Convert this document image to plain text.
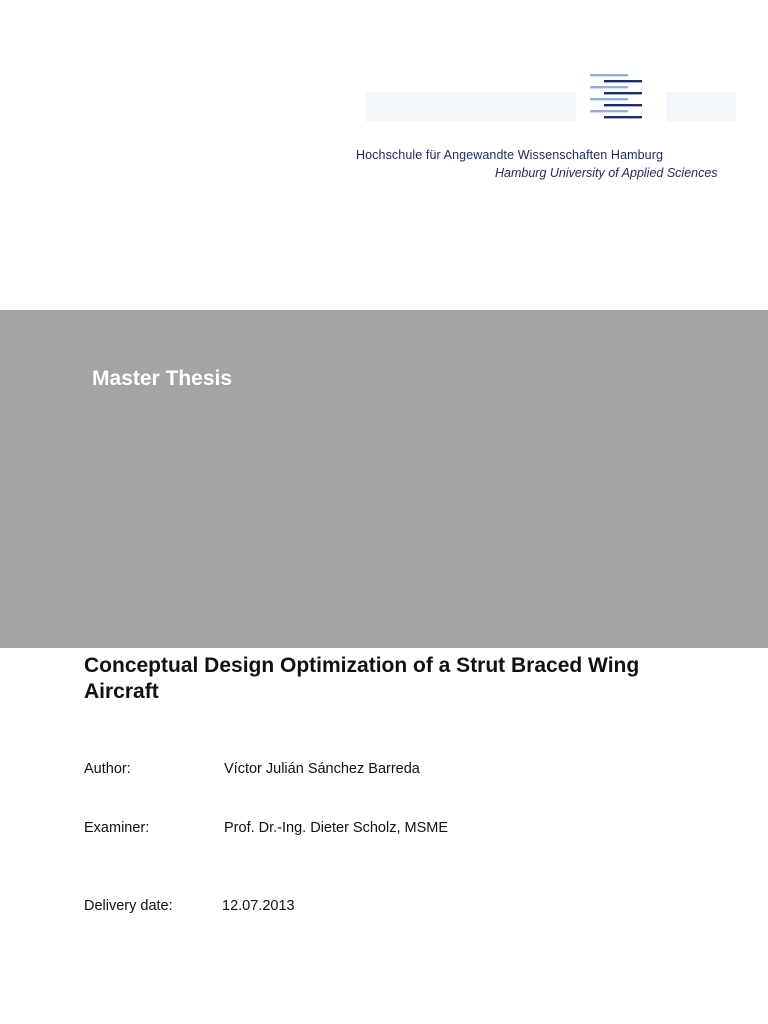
Hochschule für Angewandte Wissenschaften Hamburg
Hamburg University of Applied Sciences
Master Thesis
Conceptual Design Optimization of a Strut Braced Wing Aircraft
Author:	Víctor Julián Sánchez Barreda
Examiner:	Prof. Dr.-Ing. Dieter Scholz, MSME
Delivery date:	12.07.2013
